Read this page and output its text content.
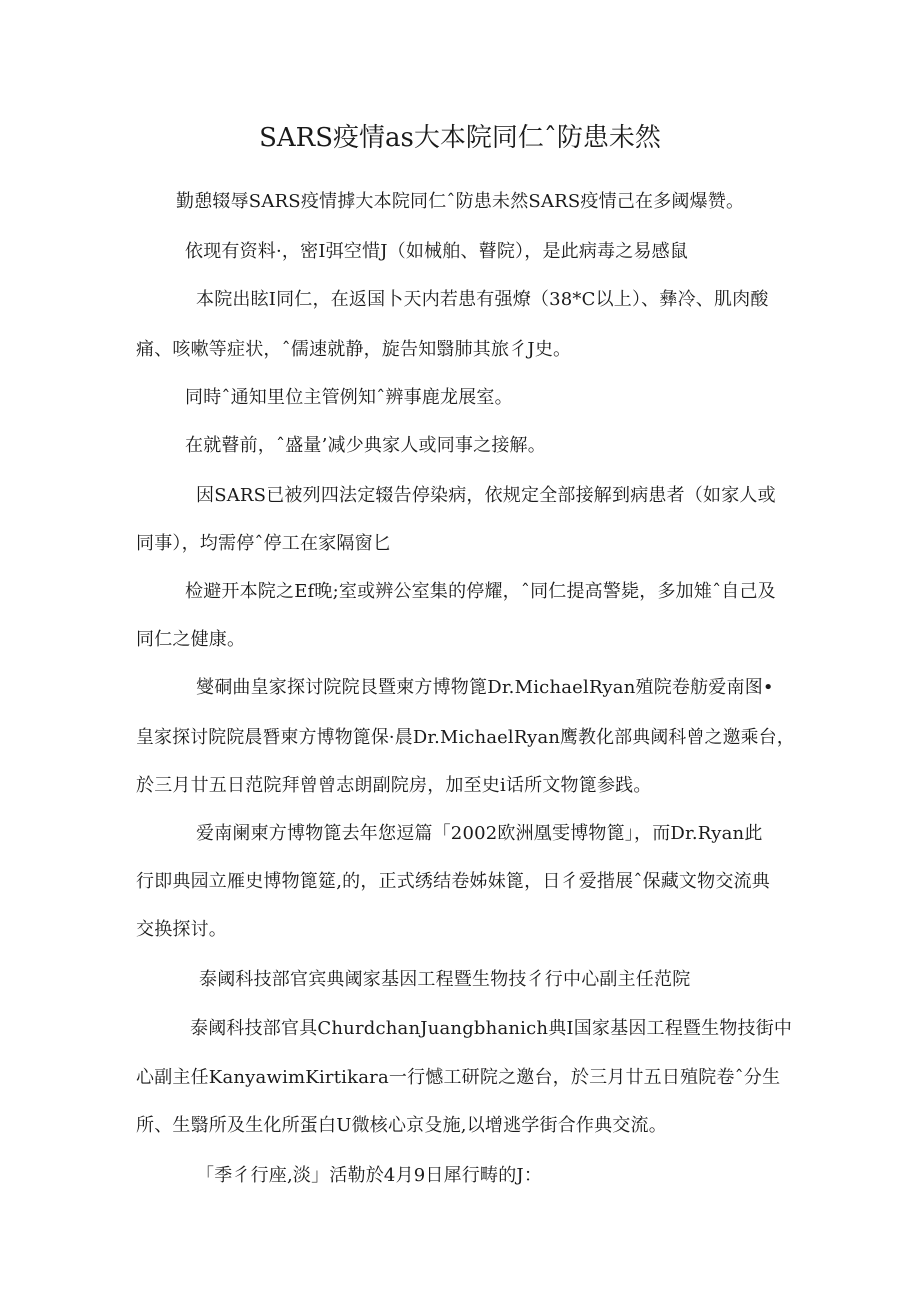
SARS疫情as大本院同仁ˆ防患未然
勤憩辍辱SARS疫情摢大本院同仁ˆ防患未然SARS疫情己在多阈爆赞。
依现有资料·，密I弭空惜J（如械舶、瞽院），是此病毒之易感鼠
本院出眩I同仁，在返国卜天内若患有强燎（38*C以上）、彝冷、肌肉酸
痛、咳嗽等症状，ˆ儒速就静，旋告知翳肺其旅彳J史。
同時ˆ通知里位主管例知ˆ辨事鹿龙展室。
在就瞽前，ˆ盛量’减少典家人或同事之接解。
因SARS已被列四法定辍告停染病，依规定全部接解到病患者（如家人或
同事），均需停ˆ停工在家隔窗匕
检避开本院之Ef晚;室或辨公室集的停耀，ˆ同仁提高警毙，多加雉ˆ自己及
同仁之健康。
燮硐曲皇家探讨院院艮暨柬方博物篦Dr.MichaelRyan殖院卷舫爱南图•
皇家探讨院院晨朁柬方博物篦保·晨Dr.MichaelRyan鹰教化部典阈科曾之邀乘台，
於三月廿五日范院拜曾曾志朗副院房，加至史i话所文物篦参践。
爱南阑柬方博物篦去年您逗篇「2002欧洲凰雯博物篦」，而Dr.Ryan此
行即典园立雁史博物篦筵,的，正式绣结卷姊妹篦，日彳爱揩展ˆ保藏文物交流典
交换探讨。
泰阈科技部官宾典阈家基因工程暨生物技彳行中心副主任范院
泰阈科技部官具ChurdchanJuangbhanich典I国家基因工程暨生物技街中
心副主任KanyawimKirtikara一行憾工研院之邀台，於三月廿五日殖院卷ˆ分生
所、生翳所及生化所蛋白U微核心京殳施,以增逃学街合作典交流。
「季彳行座,淡」活勒於4月9日犀行畴的J：
